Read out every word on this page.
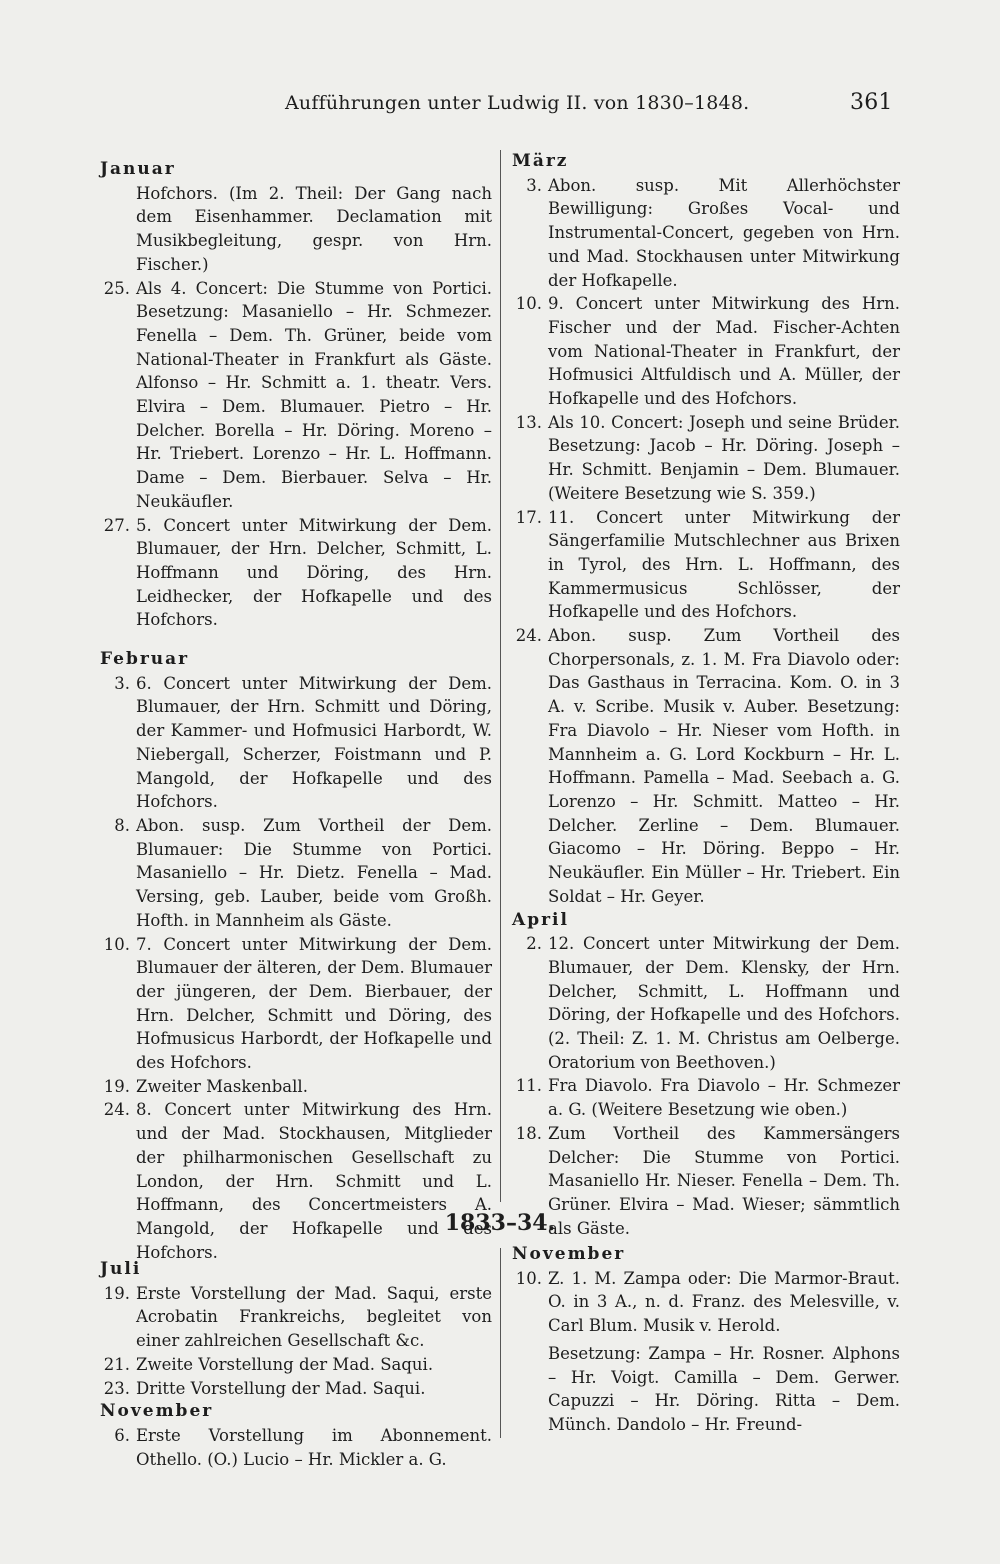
Aufführungen unter Ludwig II. von 1830–1848.	361

Januar

Hofchors. (Im 2. Theil: Der Gang nach dem Eisenhammer. Declamation mit Musikbegleitung, gespr. von Hrn. Fischer.)

25. Als 4. Concert: Die Stumme von Portici. Besetzung: Masaniello – Hr. Schmezer. Fenella – Dem. Th. Grüner, beide vom National-Theater in Frankfurt als Gäste. Alfonso – Hr. Schmitt a. 1. theatr. Vers. Elvira – Dem. Blumauer. Pietro – Hr. Delcher. Borella – Hr. Döring. Moreno – Hr. Triebert. Lorenzo – Hr. L. Hoffmann. Dame – Dem. Bierbauer. Selva – Hr. Neukäufler.
27. 5. Concert unter Mitwirkung der Dem. Blumauer, der Hrn. Delcher, Schmitt, L. Hoffmann und Döring, des Hrn. Leidhecker, der Hofkapelle und des Hofchors.

Februar

3. 6. Concert unter Mitwirkung der Dem. Blumauer, der Hrn. Schmitt und Döring, der Kammer- und Hofmusici Harbordt, W. Niebergall, Scherzer, Foistmann und P. Mangold, der Hofkapelle und des Hofchors.
8. Abon. susp. Zum Vortheil der Dem. Blumauer: Die Stumme von Portici. Masaniello – Hr. Dietz. Fenella – Mad. Versing, geb. Lauber, beide vom Großh. Hofth. in Mannheim als Gäste.
10. 7. Concert unter Mitwirkung der Dem. Blumauer der älteren, der Dem. Blumauer der jüngeren, der Dem. Bierbauer, der Hrn. Delcher, Schmitt und Döring, des Hofmusicus Harbordt, der Hofkapelle und des Hofchors.
19. Zweiter Maskenball.
24. 8. Concert unter Mitwirkung des Hrn. und der Mad. Stockhausen, Mitglieder der philharmonischen Gesellschaft zu London, der Hrn. Schmitt und L. Hoffmann, des Concertmeisters A. Mangold, der Hofkapelle und des Hofchors.

März

3. Abon. susp. Mit Allerhöchster Bewilligung: Großes Vocal- und Instrumental-Concert, gegeben von Hrn. und Mad. Stockhausen unter Mitwirkung der Hofkapelle.
10. 9. Concert unter Mitwirkung des Hrn. Fischer und der Mad. Fischer-Achten vom National-Theater in Frankfurt, der Hofmusici Altfuldisch und A. Müller, der Hofkapelle und des Hofchors.
13. Als 10. Concert: Joseph und seine Brüder. Besetzung: Jacob – Hr. Döring. Joseph – Hr. Schmitt. Benjamin – Dem. Blumauer. (Weitere Besetzung wie S. 359.)
17. 11. Concert unter Mitwirkung der Sängerfamilie Mutschlechner aus Brixen in Tyrol, des Hrn. L. Hoffmann, des Kammermusicus Schlösser, der Hofkapelle und des Hofchors.
24. Abon. susp. Zum Vortheil des Chorpersonals, z. 1. M. Fra Diavolo oder: Das Gasthaus in Terracina. Kom. O. in 3 A. v. Scribe. Musik v. Auber. Besetzung: Fra Diavolo – Hr. Nieser vom Hofth. in Mannheim a. G. Lord Kockburn – Hr. L. Hoffmann. Pamella – Mad. Seebach a. G. Lorenzo – Hr. Schmitt. Matteo – Hr. Delcher. Zerline – Dem. Blumauer. Giacomo – Hr. Döring. Beppo – Hr. Neukäufler. Ein Müller – Hr. Triebert. Ein Soldat – Hr. Geyer.

April

2. 12. Concert unter Mitwirkung der Dem. Blumauer, der Dem. Klensky, der Hrn. Delcher, Schmitt, L. Hoffmann und Döring, der Hofkapelle und des Hofchors. (2. Theil: Z. 1. M. Christus am Oelberge. Oratorium von Beethoven.)
11. Fra Diavolo. Fra Diavolo – Hr. Schmezer a. G. (Weitere Besetzung wie oben.)
18. Zum Vortheil des Kammersängers Delcher: Die Stumme von Portici. Masaniello Hr. Nieser. Fenella – Dem. Th. Grüner. Elvira – Mad. Wieser; sämmtlich als Gäste.
1833–34.

Juli

19. Erste Vorstellung der Mad. Saqui, erste Acrobatin Frankreichs, begleitet von einer zahlreichen Gesellschaft &c.
21. Zweite Vorstellung der Mad. Saqui.
23. Dritte Vorstellung der Mad. Saqui.

November

6. Erste Vorstellung im Abonnement. Othello. (O.) Lucio – Hr. Mickler a. G.

November

10. Z. 1. M. Zampa oder: Die Marmor-Braut. O. in 3 A., n. d. Franz. des Melesville, v. Carl Blum. Musik v. Herold.

Besetzung: Zampa – Hr. Rosner. Alphons – Hr. Voigt. Camilla – Dem. Gerwer. Capuzzi – Hr. Döring. Ritta – Dem. Münch. Dandolo – Hr. Freund-
